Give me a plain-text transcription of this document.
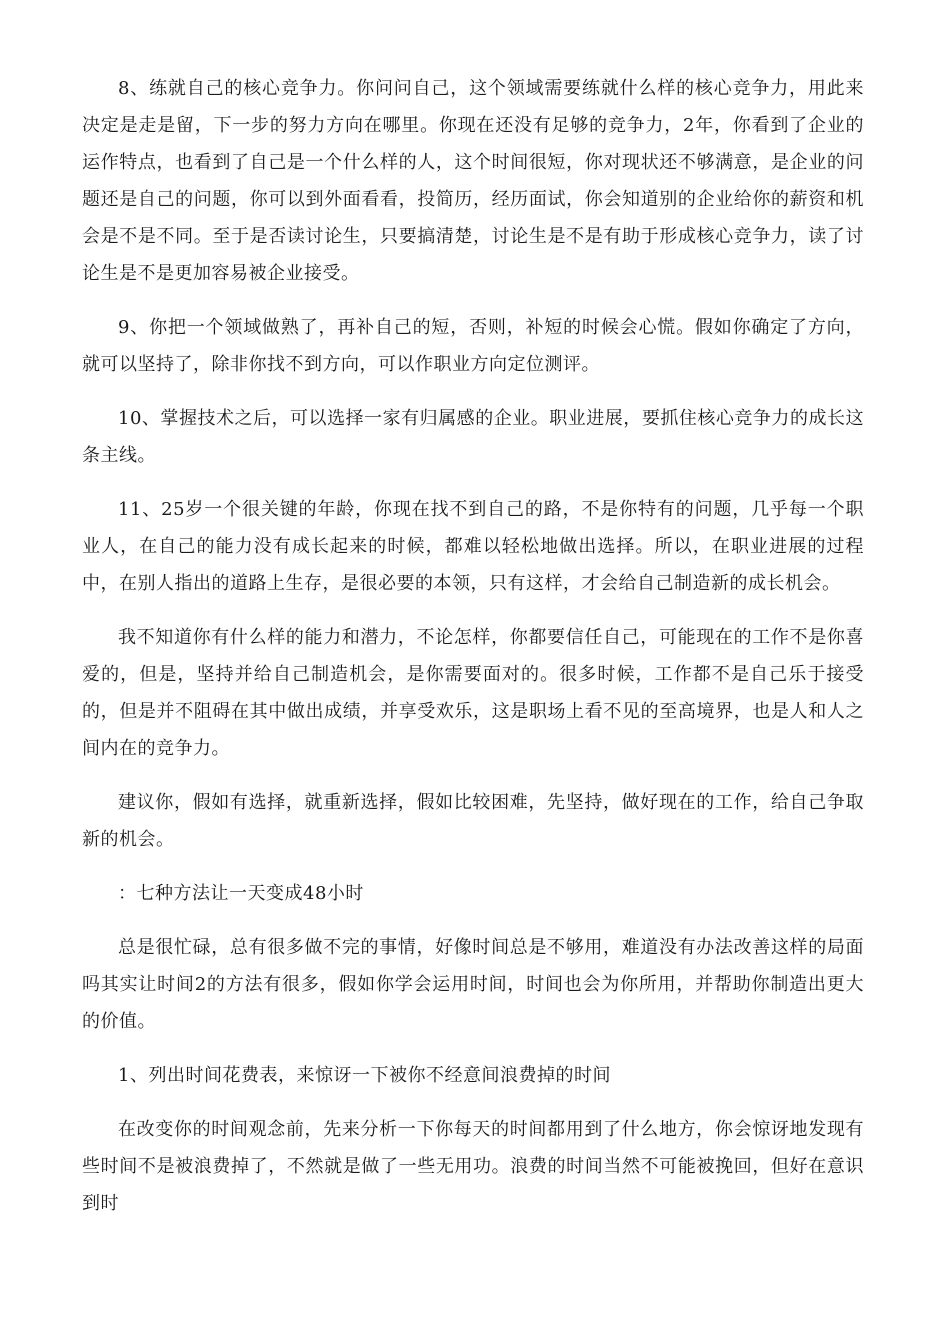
8、练就自己的核心竞争力。你问问自己，这个领域需要练就什么样的核心竞争力，用此来决定是走是留，下一步的努力方向在哪里。你现在还没有足够的竞争力，2年，你看到了企业的运作特点，也看到了自己是一个什么样的人，这个时间很短，你对现状还不够满意，是企业的问题还是自己的问题，你可以到外面看看，投简历，经历面试，你会知道别的企业给你的薪资和机会是不是不同。至于是否读讨论生，只要搞清楚，讨论生是不是有助于形成核心竞争力，读了讨论生是不是更加容易被企业接受。

9、你把一个领域做熟了，再补自己的短，否则，补短的时候会心慌。假如你确定了方向，就可以坚持了，除非你找不到方向，可以作职业方向定位测评。

10、掌握技术之后，可以选择一家有归属感的企业。职业进展，要抓住核心竞争力的成长这条主线。

11、25岁一个很关键的年龄，你现在找不到自己的路，不是你特有的问题，几乎每一个职业人，在自己的能力没有成长起来的时候，都难以轻松地做出选择。所以，在职业进展的过程中，在别人指出的道路上生存，是很必要的本领，只有这样，才会给自己制造新的成长机会。

我不知道你有什么样的能力和潜力，不论怎样，你都要信任自己，可能现在的工作不是你喜爱的，但是，坚持并给自己制造机会，是你需要面对的。很多时候，工作都不是自己乐于接受的，但是并不阻碍在其中做出成绩，并享受欢乐，这是职场上看不见的至高境界，也是人和人之间内在的竞争力。

建议你，假如有选择，就重新选择，假如比较困难，先坚持，做好现在的工作，给自己争取新的机会。

：七种方法让一天变成48小时

总是很忙碌，总有很多做不完的事情，好像时间总是不够用，难道没有办法改善这样的局面吗其实让时间2的方法有很多，假如你学会运用时间，时间也会为你所用，并帮助你制造出更大的价值。

1、列出时间花费表，来惊讶一下被你不经意间浪费掉的时间

在改变你的时间观念前，先来分析一下你每天的时间都用到了什么地方，你会惊讶地发现有些时间不是被浪费掉了，不然就是做了一些无用功。浪费的时间当然不可能被挽回，但好在意识到时
